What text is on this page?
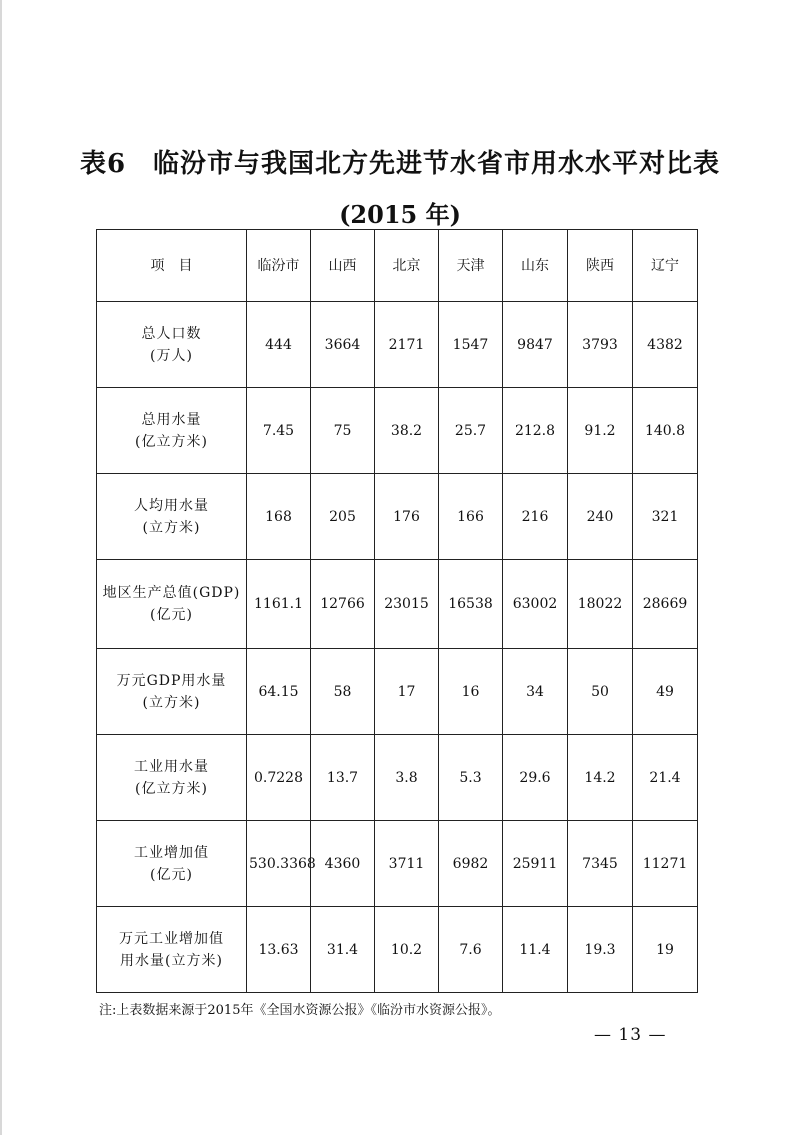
表6　临汾市与我国北方先进节水省市用水水平对比表
(2015 年)
项　目	临汾市	山西	北京	天津	山东	陕西	辽宁

总人口数
(万人)	444	3664	2171	1547	9847	3793	4382

总用水量
(亿立方米)	7.45	75	38.2	25.7	212.8	91.2	140.8

人均用水量
(立方米)	168	205	176	166	216	240	321

地区生产总值(GDP)
(亿元)	1161.1	12766	23015	16538	63002	18022	28669

万元GDP用水量
(立方米)	64.15	58	17	16	34	50	49

工业用水量
(亿立方米)	0.7228	13.7	3.8	5.3	29.6	14.2	21.4

工业增加值
(亿元)	530.3368	4360	3711	6982	25911	7345	11271

万元工业增加值
用水量(立方米)	13.63	31.4	10.2	7.6	11.4	19.3	19
注:上表数据来源于2015年《全国水资源公报》《临汾市水资源公报》。
— 13 —
